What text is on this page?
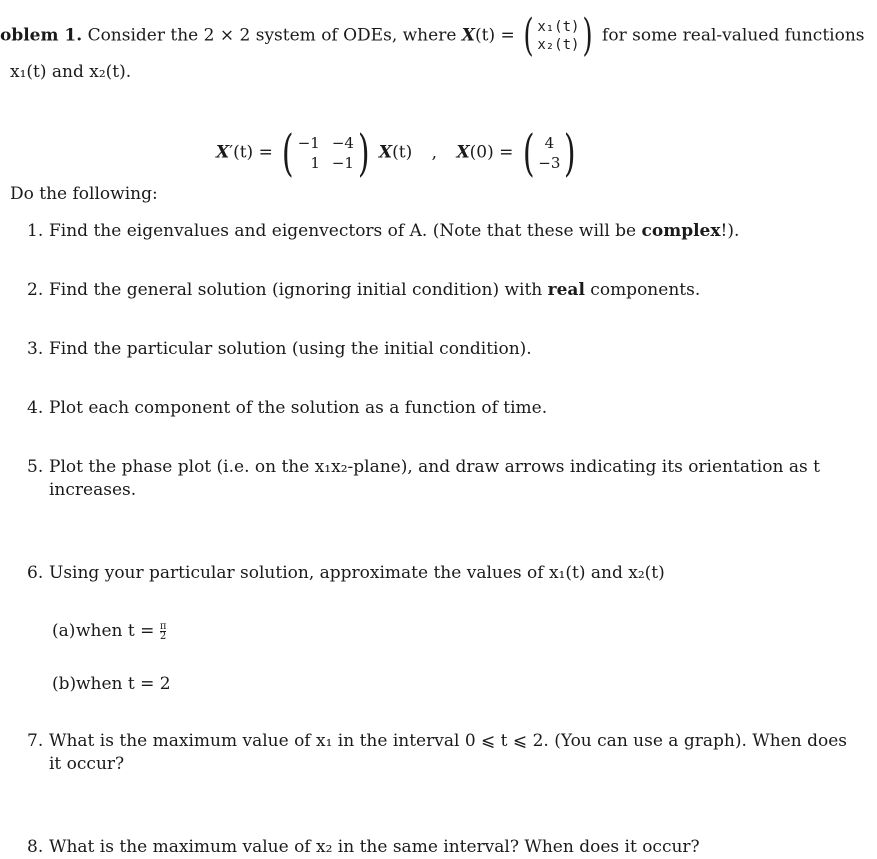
oblem 1. Consider the 2 × 2 system of ODEs, where X(t) = ( x₁(t)
x₂(t) ) for some real-valued functions
x₁(t) and x₂(t).
X′(t) = ( −1 −4
1 −1 ) X(t) , X(0) = ( 4
−3 )
Do the following:
1. Find the eigenvalues and eigenvectors of A. (Note that these will be complex!).
2. Find the general solution (ignoring initial condition) with real components.
3. Find the particular solution (using the initial condition).
4. Plot each component of the solution as a function of time.
5. Plot the phase plot (i.e. on the x₁x₂-plane), and draw arrows indicating its orientation as t
increases.
6. Using your particular solution, approximate the values of x₁(t) and x₂(t)
(a) when $t = \frac{\pi}{2}$
(b) when t = 2
7. What is the maximum value of x₁ in the interval 0 ⩽ t ⩽ 2. (You can use a graph). When does
it occur?
8. What is the maximum value of x₂ in the same interval? When does it occur?
